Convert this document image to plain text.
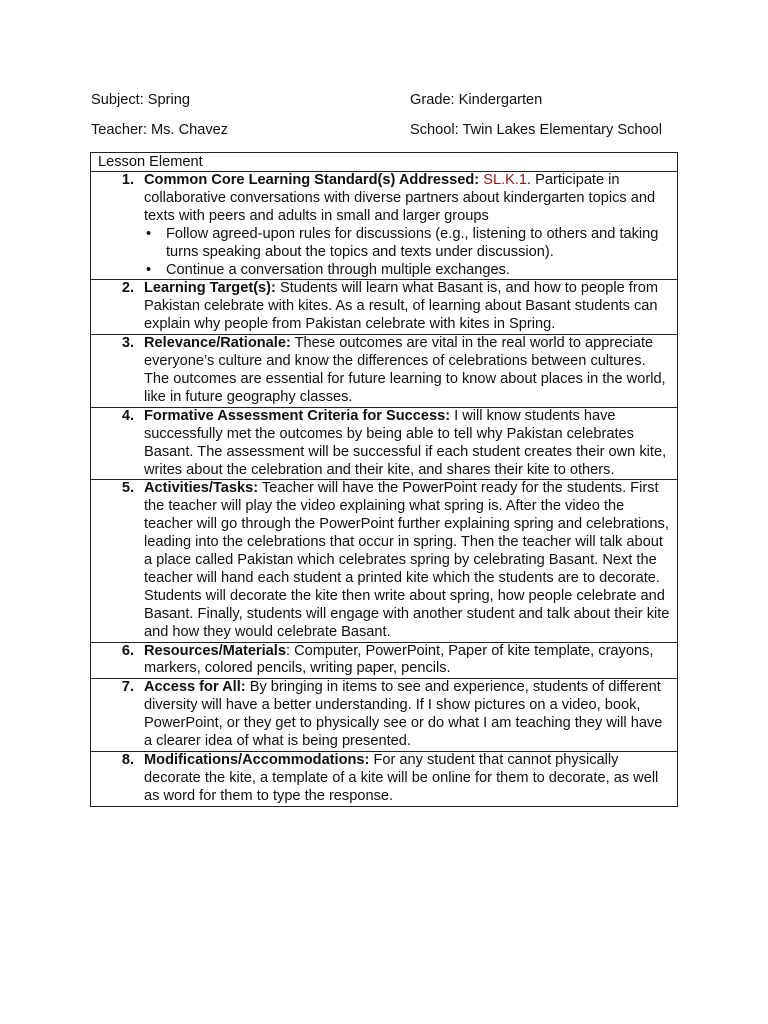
Subject: Spring	Grade: Kindergarten
Teacher: Ms. Chavez	School: Twin Lakes Elementary School
Lesson Element
1. Common Core Learning Standard(s) Addressed: SL.K.1. Participate in collaborative conversations with diverse partners about kindergarten topics and texts with peers and adults in small and larger groups
• Follow agreed-upon rules for discussions (e.g., listening to others and taking turns speaking about the topics and texts under discussion).
• Continue a conversation through multiple exchanges.
2. Learning Target(s): Students will learn what Basant is, and how to people from Pakistan celebrate with kites. As a result, of learning about Basant students can explain why people from Pakistan celebrate with kites in Spring.
3. Relevance/Rationale: These outcomes are vital in the real world to appreciate everyone’s culture and know the differences of celebrations between cultures. The outcomes are essential for future learning to know about places in the world, like in future geography classes.
4. Formative Assessment Criteria for Success: I will know students have successfully met the outcomes by being able to tell why Pakistan celebrates Basant. The assessment will be successful if each student creates their own kite, writes about the celebration and their kite, and shares their kite to others.
5. Activities/Tasks: Teacher will have the PowerPoint ready for the students. First the teacher will play the video explaining what spring is. After the video the teacher will go through the PowerPoint further explaining spring and celebrations, leading into the celebrations that occur in spring. Then the teacher will talk about a place called Pakistan which celebrates spring by celebrating Basant. Next the teacher will hand each student a printed kite which the students are to decorate. Students will decorate the kite then write about spring, how people celebrate and Basant. Finally, students will engage with another student and talk about their kite and how they would celebrate Basant.
6. Resources/Materials: Computer, PowerPoint, Paper of kite template, crayons, markers, colored pencils, writing paper, pencils.
7. Access for All: By bringing in items to see and experience, students of different diversity will have a better understanding. If I show pictures on a video, book, PowerPoint, or they get to physically see or do what I am teaching they will have a clearer idea of what is being presented.
8. Modifications/Accommodations: For any student that cannot physically decorate the kite, a template of a kite will be online for them to decorate, as well as word for them to type the response.
